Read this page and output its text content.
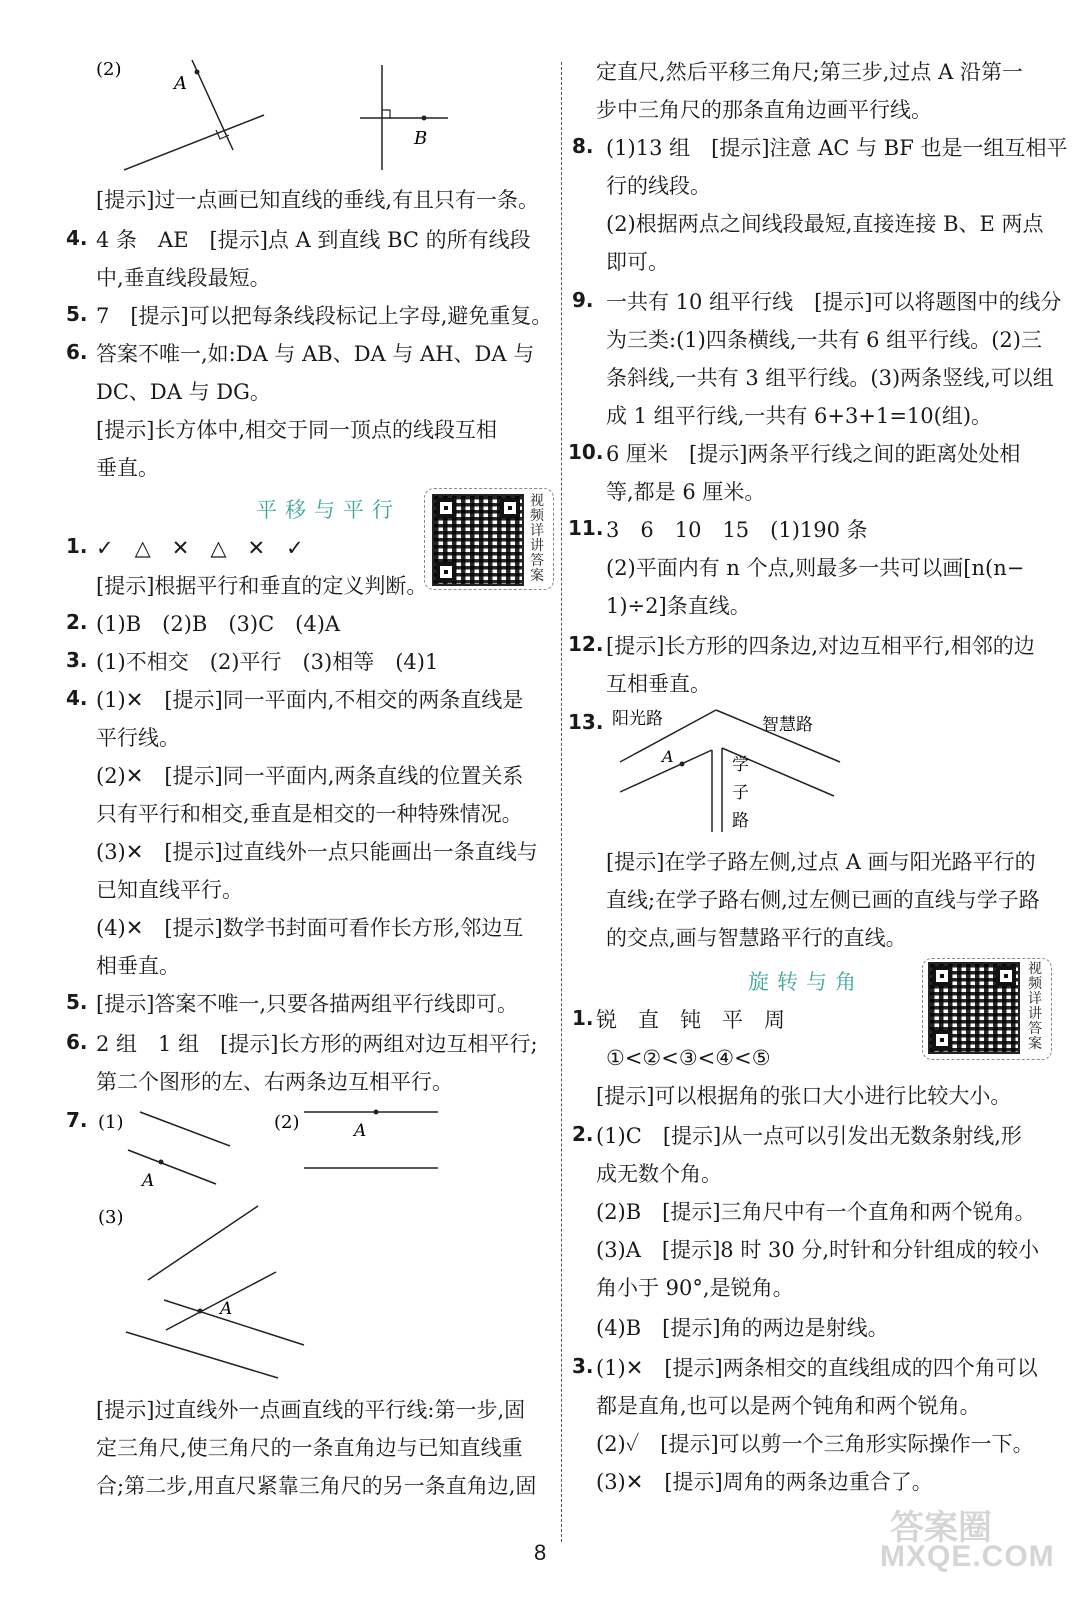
(2)
A
B
[提示]过一点画已知直线的垂线,有且只有一条。
4. 4 条　AE　[提示]点 A 到直线 BC 的所有线段
中,垂直线段最短。
5. 7　[提示]可以把每条线段标记上字母,避免重复。
6. 答案不唯一,如:DA 与 AB、DA 与 AH、DA 与
DC、DA 与 DG。
[提示]长方体中,相交于同一顶点的线段互相
垂直。
平移与平行	视频详讲答案
1. ✓　△　✕　△　✕　✓
[提示]根据平行和垂直的定义判断。
2. (1)B　(2)B　(3)C　(4)A
3. (1)不相交　(2)平行　(3)相等　(4)1
4. (1)✕　[提示]同一平面内,不相交的两条直线是
平行线。
(2)✕　[提示]同一平面内,两条直线的位置关系
只有平行和相交,垂直是相交的一种特殊情况。
(3)✕　[提示]过直线外一点只能画出一条直线与
已知直线平行。
(4)✕　[提示]数学书封面可看作长方形,邻边互
相垂直。
5. [提示]答案不唯一,只要各描两组平行线即可。
6. 2 组　1 组　[提示]长方形的两组对边互相平行;
第二个图形的左、右两条边互相平行。
7. (1)
A
(2)	A
(3)
A
[提示]过直线外一点画直线的平行线:第一步,固
定三角尺,使三角尺的一条直角边与已知直线重
合;第二步,用直尺紧靠三角尺的另一条直角边,固
定直尺,然后平移三角尺;第三步,过点 A 沿第一
步中三角尺的那条直角边画平行线。
8. (1)13 组　[提示]注意 AC 与 BF 也是一组互相平
行的线段。
(2)根据两点之间线段最短,直接连接 B、E 两点
即可。
9. 一共有 10 组平行线　[提示]可以将题图中的线分
为三类:(1)四条横线,一共有 6 组平行线。(2)三
条斜线,一共有 3 组平行线。(3)两条竖线,可以组
成 1 组平行线,一共有 6+3+1=10(组)。
10. 6 厘米　[提示]两条平行线之间的距离处处相
等,都是 6 厘米。
11. 3　6　10　15　(1)190 条
(2)平面内有 n 个点,则最多一共可以画[n(n−
1)÷2]条直线。
12. [提示]长方形的四条边,对边互相平行,相邻的边
互相垂直。
13. 阳光路	智慧路
A	学
子
路
[提示]在学子路左侧,过点 A 画与阳光路平行的
直线;在学子路右侧,过左侧已画的直线与学子路
的交点,画与智慧路平行的直线。
旋转与角
视频详讲答案
1. 锐　直　钝　平　周
①<②<③<④<⑤
[提示]可以根据角的张口大小进行比较大小。
2. (1)C　[提示]从一点可以引发出无数条射线,形
成无数个角。
(2)B　[提示]三角尺中有一个直角和两个锐角。
(3)A　[提示]8 时 30 分,时针和分针组成的较小
角小于 90°,是锐角。
(4)B　[提示]角的两边是射线。
3. (1)✕　[提示]两条相交的直线组成的四个角可以
都是直角,也可以是两个钝角和两个锐角。
(2)✓　[提示]可以剪一个三角形实际操作一下。
(3)✕　[提示]周角的两条边重合了。
答案圈
MXQE.COM
8
